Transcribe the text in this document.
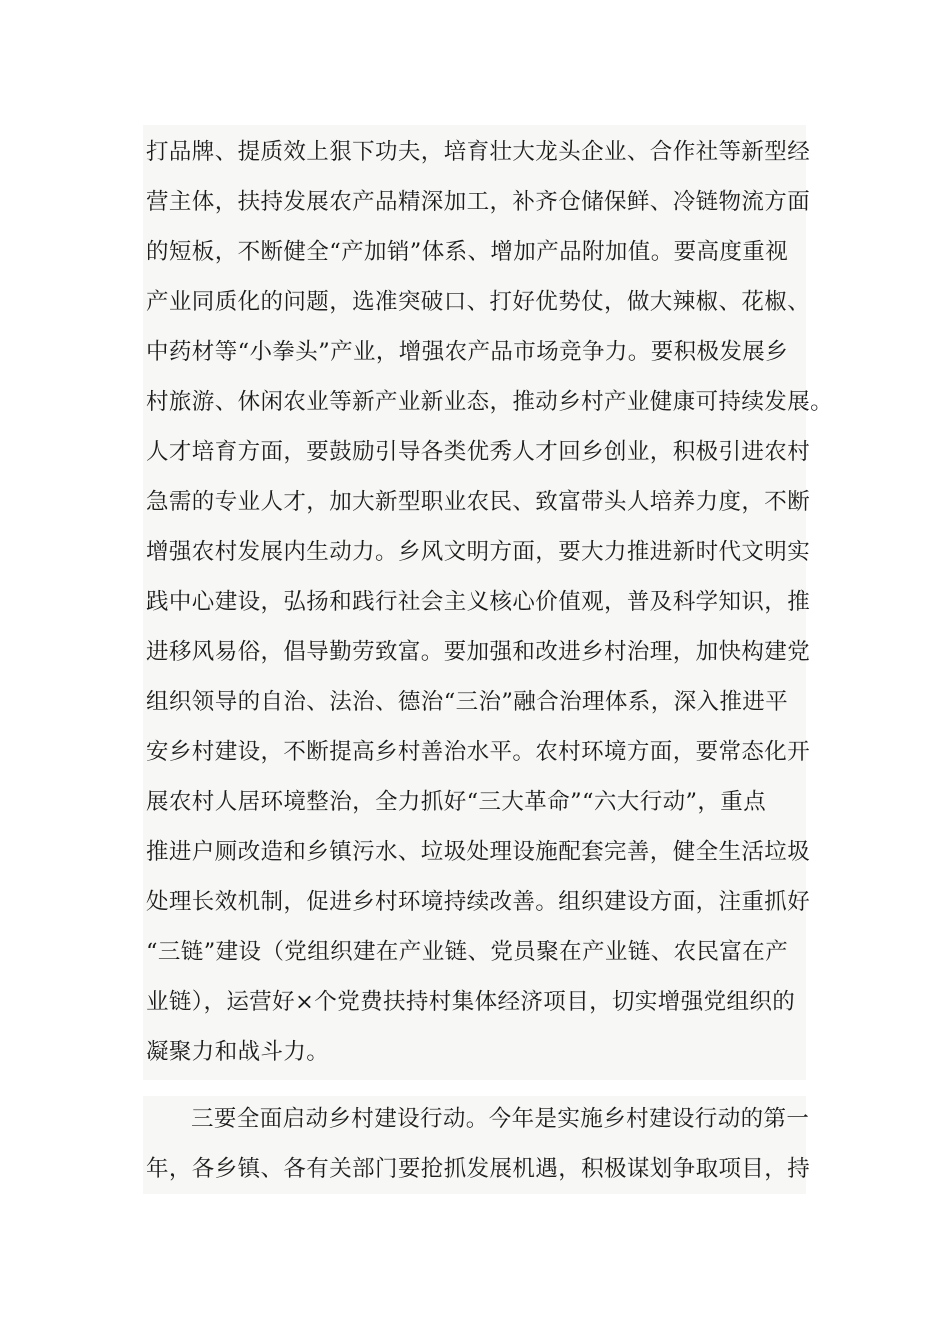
打品牌、提质效上狠下功夫，培育壮大龙头企业、合作社等新型经
营主体，扶持发展农产品精深加工，补齐仓储保鲜、冷链物流方面
的短板，不断健全“产加销”体系、增加产品附加值。要高度重视
产业同质化的问题，选准突破口、打好优势仗，做大辣椒、花椒、
中药材等“小拳头”产业，增强农产品市场竞争力。要积极发展乡
村旅游、休闲农业等新产业新业态，推动乡村产业健康可持续发展。
人才培育方面，要鼓励引导各类优秀人才回乡创业，积极引进农村
急需的专业人才，加大新型职业农民、致富带头人培养力度，不断
增强农村发展内生动力。乡风文明方面，要大力推进新时代文明实
践中心建设，弘扬和践行社会主义核心价值观，普及科学知识，推
进移风易俗，倡导勤劳致富。要加强和改进乡村治理，加快构建党
组织领导的自治、法治、德治“三治”融合治理体系，深入推进平
安乡村建设，不断提高乡村善治水平。农村环境方面，要常态化开
展农村人居环境整治，全力抓好“三大革命”“六大行动”，重点
推进户厕改造和乡镇污水、垃圾处理设施配套完善，健全生活垃圾
处理长效机制，促进乡村环境持续改善。组织建设方面，注重抓好
“三链”建设（党组织建在产业链、党员聚在产业链、农民富在产
业链），运营好×个党费扶持村集体经济项目，切实增强党组织的
凝聚力和战斗力。
三要全面启动乡村建设行动。今年是实施乡村建设行动的第一
年，各乡镇、各有关部门要抢抓发展机遇，积极谋划争取项目，持
